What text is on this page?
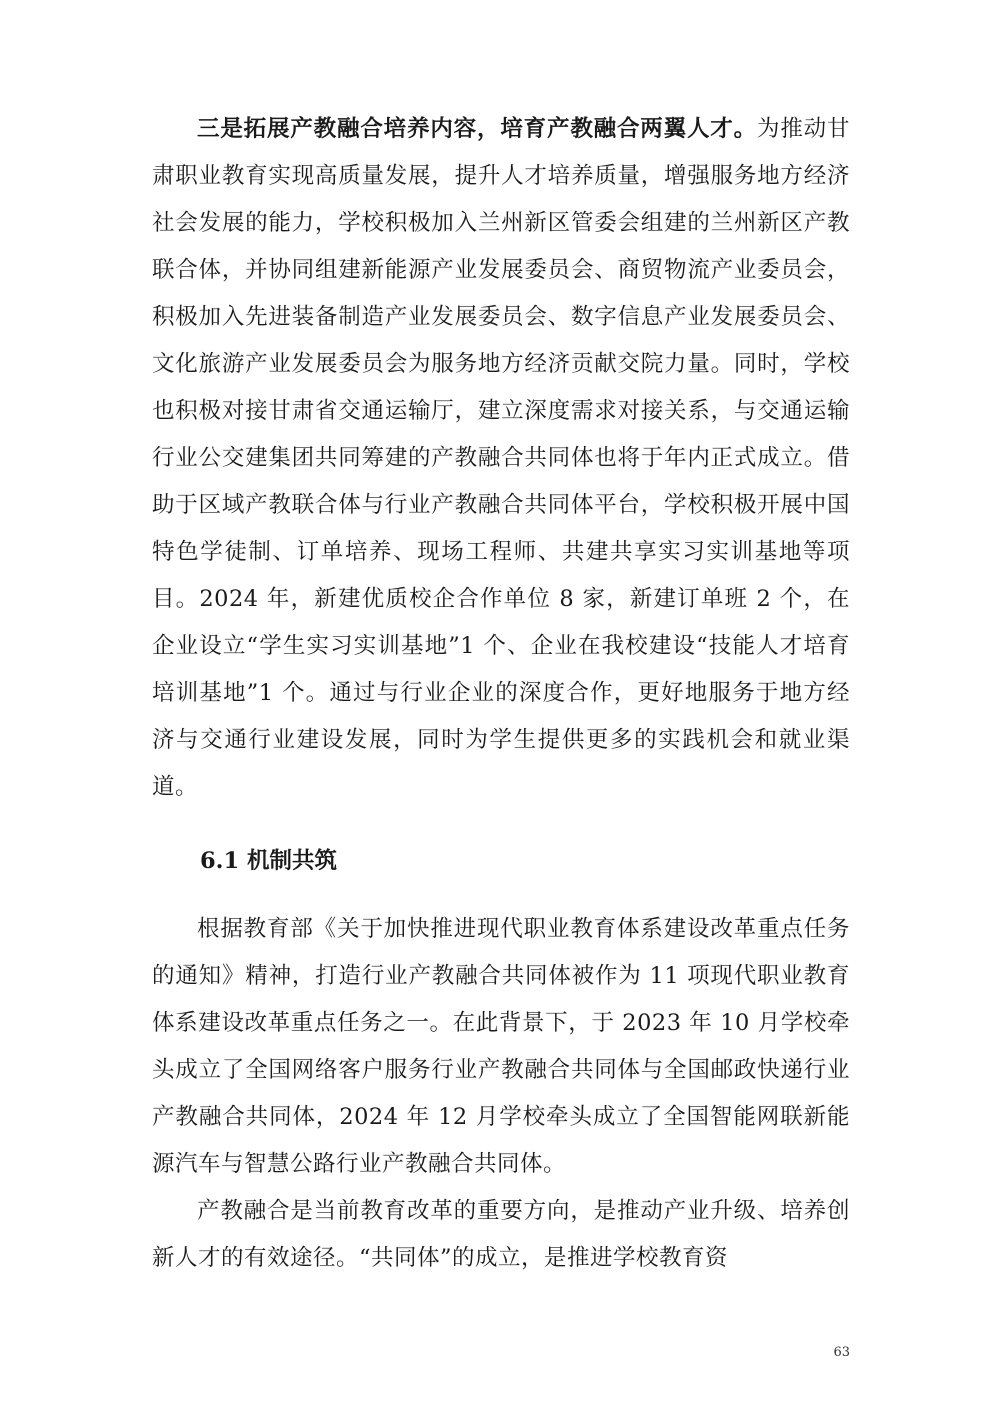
三是拓展产教融合培养内容，培育产教融合两翼人才。为推动甘肃职业教育实现高质量发展，提升人才培养质量，增强服务地方经济社会发展的能力，学校积极加入兰州新区管委会组建的兰州新区产教联合体，并协同组建新能源产业发展委员会、商贸物流产业委员会，积极加入先进装备制造产业发展委员会、数字信息产业发展委员会、文化旅游产业发展委员会为服务地方经济贡献交院力量。同时，学校也积极对接甘肃省交通运输厅，建立深度需求对接关系，与交通运输行业公交建集团共同筹建的产教融合共同体也将于年内正式成立。借助于区域产教联合体与行业产教融合共同体平台，学校积极开展中国特色学徒制、订单培养、现场工程师、共建共享实习实训基地等项目。2024 年，新建优质校企合作单位 8 家，新建订单班 2 个，在企业设立“学生实习实训基地”1 个、企业在我校建设“技能人才培育培训基地”1 个。通过与行业企业的深度合作，更好地服务于地方经济与交通行业建设发展，同时为学生提供更多的实践机会和就业渠道。

6.1 机制共筑

根据教育部《关于加快推进现代职业教育体系建设改革重点任务的通知》精神，打造行业产教融合共同体被作为 11 项现代职业教育体系建设改革重点任务之一。在此背景下，于 2023 年 10 月学校牵头成立了全国网络客户服务行业产教融合共同体与全国邮政快递行业产教融合共同体，2024 年 12 月学校牵头成立了全国智能网联新能源汽车与智慧公路行业产教融合共同体。

产教融合是当前教育改革的重要方向，是推动产业升级、培养创新人才的有效途径。“共同体”的成立，是推进学校教育资

63
